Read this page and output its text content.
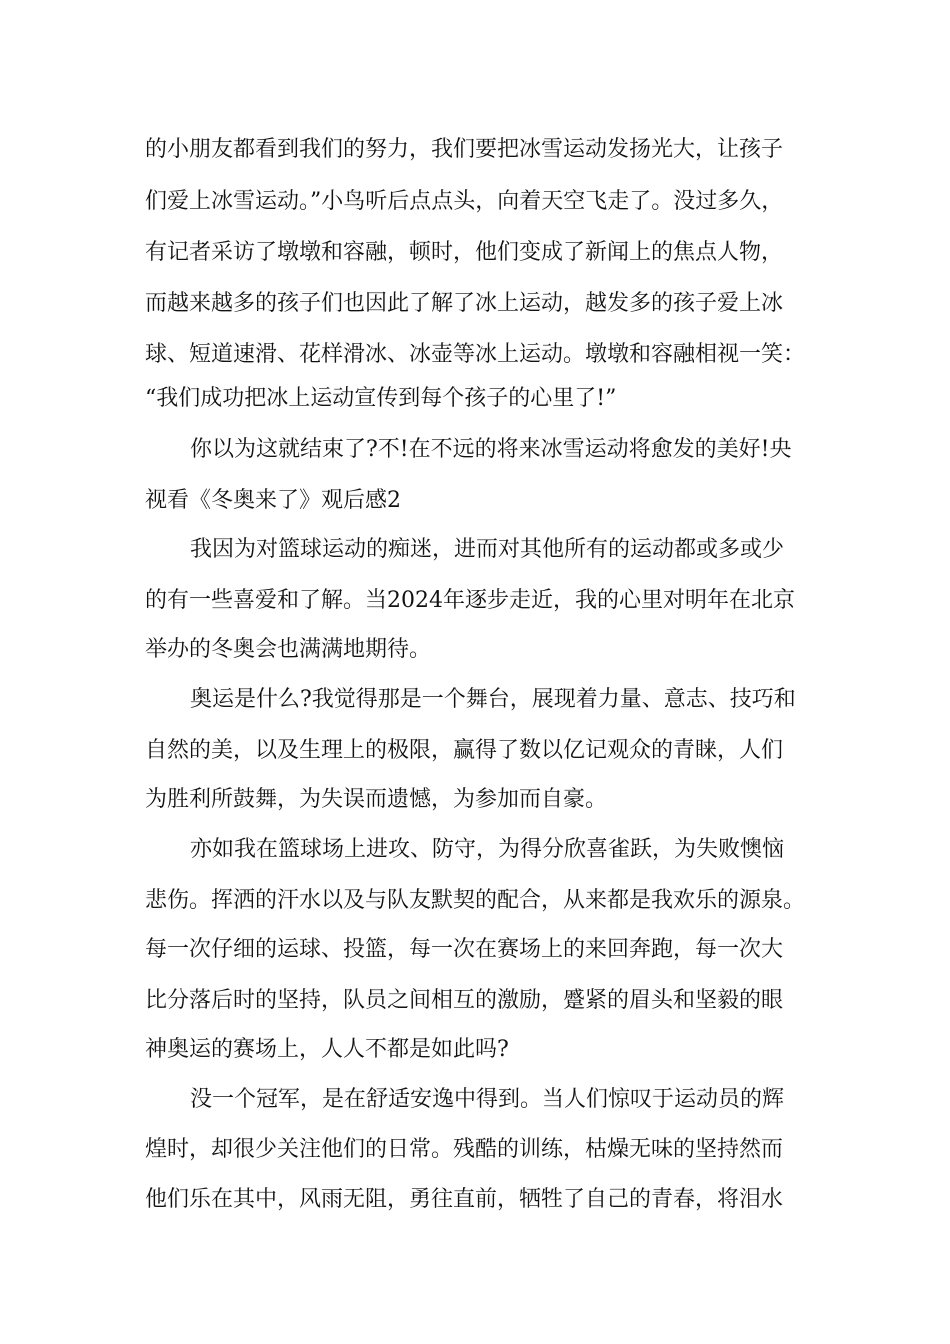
的小朋友都看到我们的努力，我们要把冰雪运动发扬光大，让孩子
们爱上冰雪运动。”小鸟听后点点头，向着天空飞走了。没过多久，
有记者采访了墩墩和容融，顿时，他们变成了新闻上的焦点人物，
而越来越多的孩子们也因此了解了冰上运动，越发多的孩子爱上冰
球、短道速滑、花样滑冰、冰壶等冰上运动。墩墩和容融相视一笑：
“我们成功把冰上运动宣传到每个孩子的心里了!”
你以为这就结束了?不!在不远的将来冰雪运动将愈发的美好!央
视看《冬奥来了》观后感2
我因为对篮球运动的痴迷，进而对其他所有的运动都或多或少
的有一些喜爱和了解。当2024年逐步走近，我的心里对明年在北京
举办的冬奥会也满满地期待。
奥运是什么?我觉得那是一个舞台，展现着力量、意志、技巧和
自然的美，以及生理上的极限，赢得了数以亿记观众的青睐，人们
为胜利所鼓舞，为失误而遗憾，为参加而自豪。
亦如我在篮球场上进攻、防守，为得分欣喜雀跃，为失败懊恼
悲伤。挥洒的汗水以及与队友默契的配合，从来都是我欢乐的源泉。
每一次仔细的运球、投篮，每一次在赛场上的来回奔跑，每一次大
比分落后时的坚持，队员之间相互的激励，蹙紧的眉头和坚毅的眼
神奥运的赛场上，人人不都是如此吗?
没一个冠军，是在舒适安逸中得到。当人们惊叹于运动员的辉
煌时，却很少关注他们的日常。残酷的训练，枯燥无味的坚持然而
他们乐在其中，风雨无阻，勇往直前，牺牲了自己的青春，将泪水
